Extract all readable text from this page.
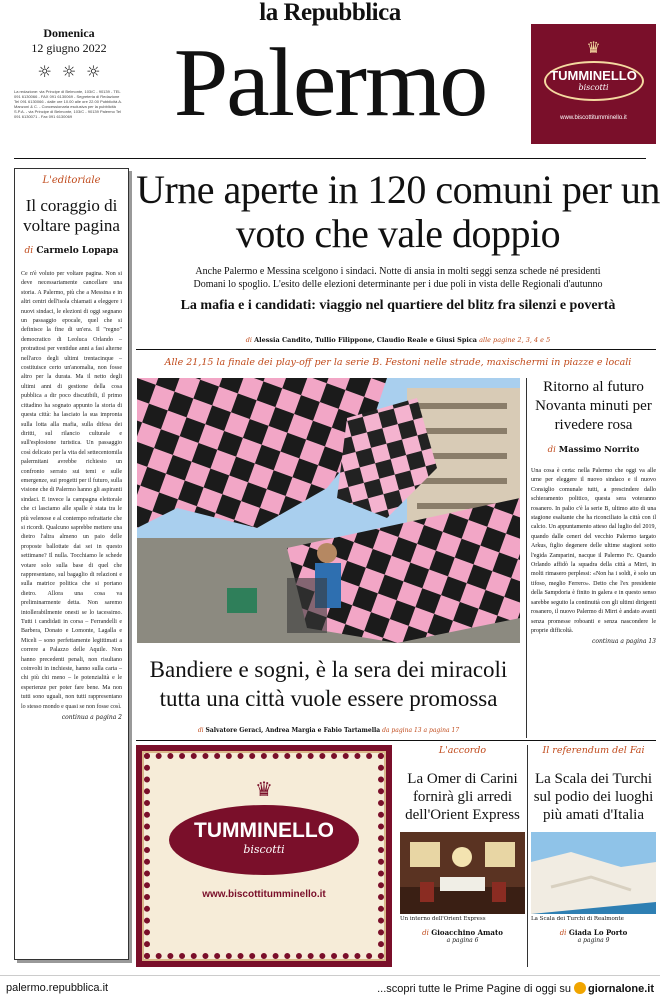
la Repubblica
Domenica
12 giugno 2022
☼ ☼ ☼
La redazione: via Principe di Belmonte, 103/C - 90139 - TEL 091 6130066 - FAX 091 6130069 - Segreteria di Redazione Tel 091 6130066 - dalle ore 10.00 alle ore 22.00 Pubblicità A. Manzoni & C. - Concessionaria esclusiva per la pubblicità S.P.A. - via Principe di Belmonte, 103/C - 90139 Palermo Tel 091 6130071 - Fax 091 6130069	Palermo	♛
TUMMINELLO
biscotti
www.biscottitumminello.it
L'editoriale
Il coraggio di voltare pagina
di Carmelo Lopapa
Ce n'è voluto per voltare pagina. Non si deve necessariamente cancellare una storia. A Palermo, più che a Messina e in altri centri dell'isola chiamati a eleggere i nuovi sindaci, le elezioni di oggi segnano un passaggio epocale, quel che si definisce la fine di un'era. Il "regno" democratico di Leoluca Orlando – protrattosi per ventidue anni a fasi alterne nell'arco degli ultimi trentacinque – costituisce certo un'anomalia, non fosse altro per la durata. Ma il netto degli ultimi anni di gestione della cosa pubblica a dir poco discutibili, il primo cittadino ha sognato appunto la storia di questa città: ha lasciato la sua impronta sulla lotta alla mafia, sulla difesa dei diritti, sul rilancio culturale e sull'esplosione turistica. Un passaggio così delicato per la vita del settecentomila palermitani avrebbe richiesto un confronto serrato sui temi e sulle emergenze, sui progetti per il futuro, sulla visione che di Palermo hanno gli aspiranti sindaci. E invece la campagna elettorale che ci lasciamo alle spalle è stata tra le più velenose e al contempo refrattarie che si ricordi. Qualcuno saprebbe mettere una dietro l'altra almeno un paio delle proposte ballottate dai sei in questo settimane? Il nulla. Tocchiamo le schede votare solo sulla base di quel che rappresentano, sul bagaglio di relazioni e sulla matrice politica che si portano dietro. Allora una cosa va preliminarmente detta. Non saremo intollerabilmente onesti se lo tacessimo. Tutti i candidati in corsa – Ferrandelli e Barbera, Donato e Lomonte, Lagalla e Miceli – sono perfettamente legittimati a correre a Palazzo delle Aquile. Non hanno precedenti penali, non risultano coinvolti in inchieste, hanno sulla carta – chi più chi meno – le potenzialità e le esperienze per poter fare bene. Ma non tutti sono uguali, non tutti rappresentano lo stesso mondo e quasi se non fosse così.
continua a pagina 2
Urne aperte in 120 comuni per un voto che vale doppio
Anche Palermo e Messina scelgono i sindaci. Notte di ansia in molti seggi senza schede né presidenti
Domani lo spoglio. L'esito delle elezioni determinante per i due poli in vista delle Regionali d'autunno
La mafia e i candidati: viaggio nel quartiere del blitz fra silenzi e povertà
di Alessia Candito, Tullio Filippone, Claudio Reale e Giusi Spica alle pagine 2, 3, 4 e 5
Alle 21,15 la finale dei play-off per la serie B. Festoni nelle strade, maxischermi in piazze e locali
Bandiere e sogni, è la sera dei miracoli tutta una città vuole essere promossa
di Salvatore Geraci, Andrea Margia e Fabio Tartamella da pagina 13 a pagina 17
Ritorno al futuro Novanta minuti per rivedere rosa
di Massimo Norrito
Una cosa è certa: nella Palermo che oggi va alle urne per eleggere il nuovo sindaco e il nuovo Consiglio comunale tutti, a prescindere dallo schieramento politico, questa sera voteranno rosanero. In palio c'è la serie B, ultimo atto di una stagione esaltante che ha riconciliato la città con il calcio. Un appuntamento atteso dal luglio del 2019, quando dalle ceneri del vecchio Palermo targato Arkus, figlio degenere delle ultime stagioni sotto l'egida Zamparini, nacque il Palermo Fc. Quando Orlando affidò la squadra della città a Mirri, in molti rimasero perplessi: «Non ha i soldi, è solo un tifoso, meglio Ferrero». Detto che l'ex presidente della Sampdoria è finito in galera e in questo senso sarebbe seguito la continuità con gli ultimi dirigenti rosanero, il nuovo Palermo di Mirri è andato avanti senza promesse roboanti e senza nascondere le proprie difficoltà.
continua a pagina 13
♛
TUMMINELLO
biscotti
www.biscottitumminello.it
L'accordo
La Omer di Carini fornirà gli arredi dell'Orient Express
Un interno dell'Orient Express
di Gioacchino Amato
a pagina 6
Il referendum del Fai
La Scala dei Turchi sul podio dei luoghi più amati d'Italia
La Scala dei Turchi di Realmonte
di Giada Lo Porto
a pagina 9
palermo.repubblica.it	...scopri tutte le Prime Pagine di oggi su giornalone.it
